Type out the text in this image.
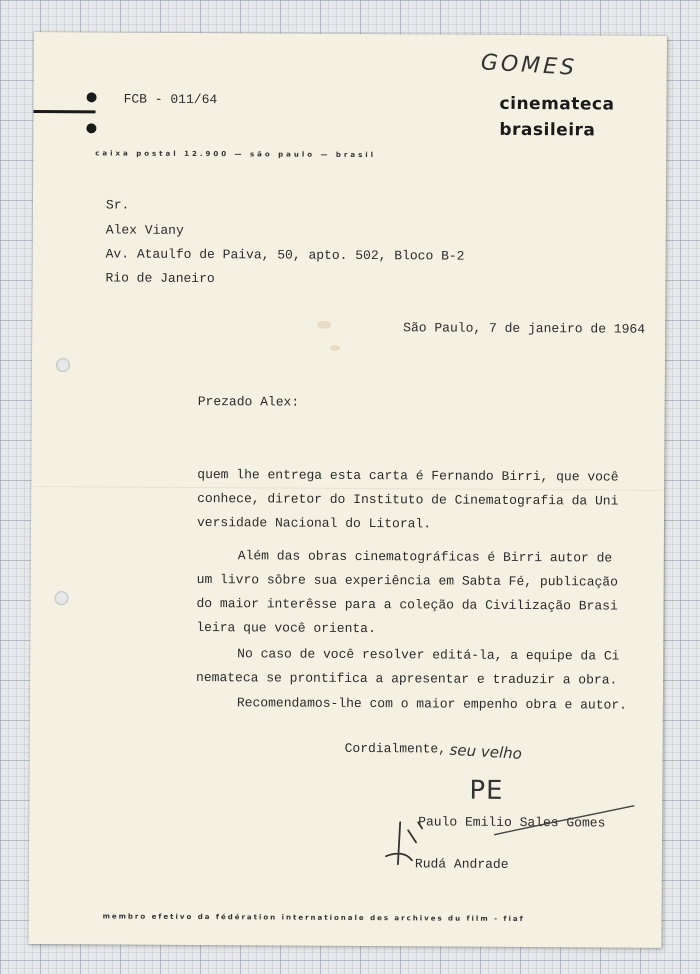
FCB - 011/64
GOMES
cinemateca
brasileira
caixa postal 12.900 — são paulo — brasil
Sr.
Alex Viany
Av. Ataulfo de Paiva, 50, apto. 502, Bloco B-2
Rio de Janeiro
São Paulo, 7 de janeiro de 1964
Prezado Alex:
quem lhe entrega esta carta é Fernando Birri, que você
conhece, diretor do Instituto de Cinematografia da Uni
versidade Nacional do Litoral.
Além das obras cinematográficas é Birri autor de
um livro sôbre sua experiência em Sabta Fé, publicação
do maior interêsse para a coleção da Civilização Brasi
leira que você orienta.
No caso de você resolver editá-la, a equipe da Ci
nemateca se prontifica a apresentar e traduzir a obra.
Recomendamos-lhe com o maior empenho obra e autor.
Cordialmente, seu velho
PE
Paulo Emilio Sales Gomes
Rudá Andrade
membro efetivo da fédération internationale des archives du film - fiaf
